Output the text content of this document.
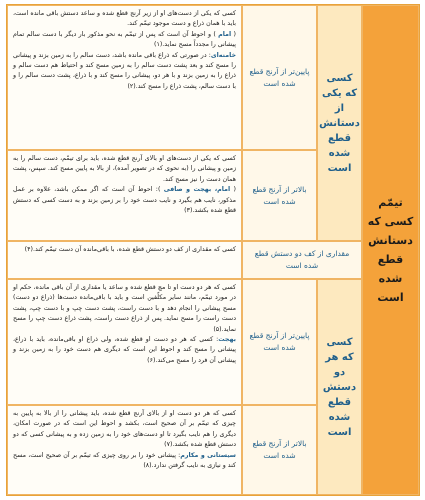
تیمّم کسی که دستانش قطع شده است
کسی که یکی از دستانش قطع شده است
پایین‌تر از آرنج قطع شده است

کسی که یکی از دست‌های او از زیر آرنج قطع شده و ساعد دستش باقی مانده است، باید با همان ذراع و دست موجود تیمّم کند.

( امام ) و احوط آن است که پس از تیمّم به نحو مذکور بار دیگر با دست سالم تمام پیشانی را مجدداً مسح نماید.(۱)

خامنه‌ای: در صورتی که ذراع باقی مانده باشد، دست سالم را به زمین بزند و پیشانی را مسح کند و بعد پشت دست سالم را به زمین مسح کند و احتیاط هم دست سالم و ذراع را به زمین بزند و با هر دو، پیشانی را مسح کند و با ذراع، پشت دست سالم را و با دست سالم، پشت ذراع را مسح کند.(۲)

بالاتر از آرنج قطع شده است

کسی که یکی از دست‌های او بالای آرنج قطع شده، باید برای تیمّم، دست سالم را به زمین و پیشانی را (به نحوی که در تصویر آمده)، از بالا به پایین مسح کند. سپس، پشت همان دست را نیز مسح کند.

( امام، بهجت و صافی ): احوط آن است که اگر ممکن باشد، علاوه بر عمل مذکور، نایب هم بگیرد و نایب دست خود را بر زمین بزند و به دست کسی که دستش قطع شده بکشد.(۳)

مقداری از کف دو دستش قطع شده است

کسی که مقداری از کف دو دستش قطع شده، با باقی‌مانده آن دست تیمّم کند.(۴)

کسی که هر دو دستش قطع شده است
پایین‌تر از آرنج قطع شده است

کسی که هر دو دست او تا مچ قطع شده و ساعد یا مقداری از آن باقی مانده، حکم او در مورد تیمّم، مانند سایر مکلّفین است و باید با باقی‌مانده دست‌ها (ذراع دو دست) مسح پیشانی را انجام دهد و با دست راست، پشت دست چپ و با دست چپ، پشت دست راست را مسح نماید. پس از ذراع دست راست، پشت ذراع دست چپ را مسح نماید.(۵)

بهجت: کسی که هر دو دست او قطع شده، ولی ذراع او باقی‌مانده، باید با ذراع، پیشانی را مسح کند و احوط این است که دیگری هم دست خود را به زمین بزند و پیشانی آن فرد را مسح می‌کند.(۶)

بالاتر از آرنج قطع شده است

کسی که هر دو دست او از بالای آرنج قطع شده، باید پیشانی را از بالا به پایین به چیزی که تیمّم بر آن صحیح است، بکشد و احوط این است که در صورت امکان، دیگری را هم نایب بگیرد تا او دست‌های خود را به زمین زده و به پیشانی کسی که دو دستش قطع شده بکشد.(۷)

سیستانی و مکارم: پیشانی خود را بر روی چیزی که تیمّم بر آن صحیح است، مسح کند و نیازی به نایب گرفتن ندارد.(۸)
